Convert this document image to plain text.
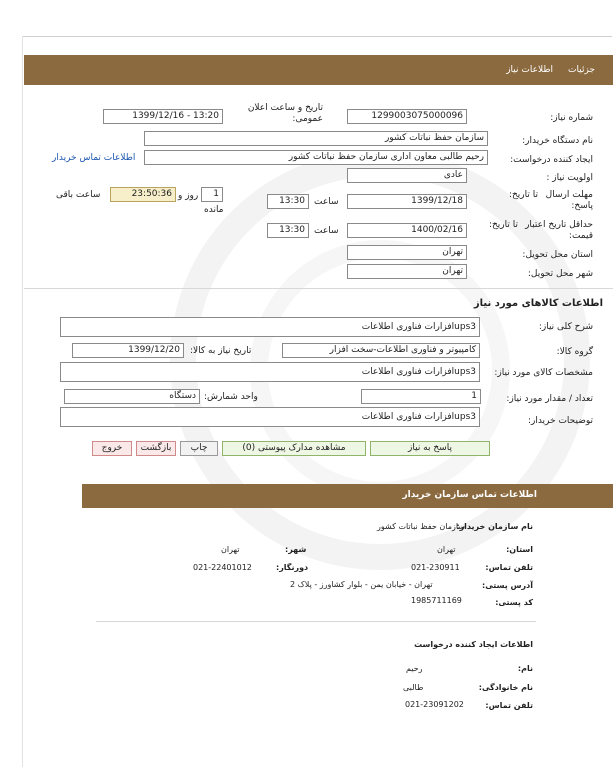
جزئیات
اطلاعات نیاز
شماره نیاز:
1299003075000096
تاریخ و ساعت اعلان عمومی:
1399/12/16 - 13:20
نام دستگاه خریدار:
سازمان حفظ نباتات کشور
ایجاد کننده درخواست:
رحیم طالبی معاون اداری سازمان حفظ نباتات کشور
اطلاعات تماس خریدار
اولویت نیاز :
عادی
مهلت ارسال پاسخ:
تا تاریخ:
1399/12/18
ساعت
13:30
1
روز و
23:50:36
ساعت باقی
مانده
حداقل تاریخ اعتبار قیمت:
تا تاریخ:
1400/02/16
ساعت
13:30
استان محل تحویل:
تهران
شهر محل تحویل:
تهران
اطلاعات کالاهای مورد نیاز
شرح کلی نیاز:
ups3افزارات فناوری اطلاعات
گروه کالا:
کامپیوتر و فناوری اطلاعات-سخت افزار
تاریخ نیاز به کالا:
1399/12/20
مشخصات کالای مورد نیاز:
ups3افزارات فناوری اطلاعات
تعداد / مقدار مورد نیاز:
1
واحد شمارش:
دستگاه
توضیحات خریدار:
ups3افزارات فناوری اطلاعات
پاسخ به نیاز
مشاهده مدارک پیوستی (0)
چاپ
بازگشت
خروج
اطلاعات تماس سازمان خریدار
نام سازمان خریدار:
سازمان حفظ نباتات کشور
استان:
تهران
شهر:
تهران
تلفن تماس:
021-230911
دورنگار:
021-22401012
آدرس پستی:
تهران - خیابان یمن - بلوار کشاورز - پلاک 2
کد پستی:
1985711169
اطلاعات ایجاد کننده درخواست
نام:
رحیم
نام خانوادگی:
طالبی
تلفن تماس:
021-23091202
